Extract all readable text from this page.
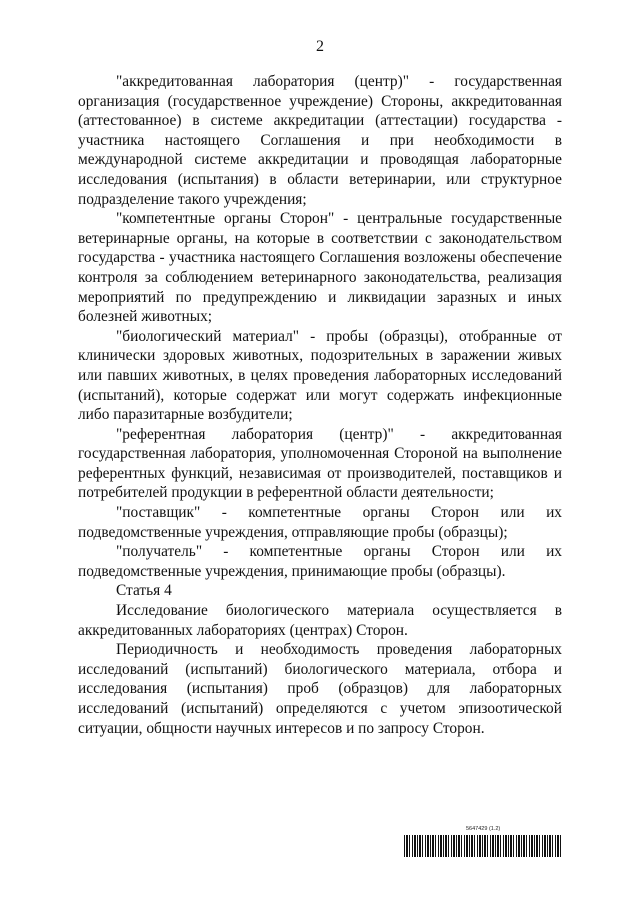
2

"аккредитованная лаборатория (центр)" - государственная организация (государственное учреждение) Стороны, аккредитованная (аттестованное) в системе аккредитации (аттестации) государства - участника настоящего Соглашения и при необходимости в международной системе аккредитации и проводящая лабораторные исследования (испытания) в области ветеринарии, или структурное подразделение такого учреждения;

"компетентные органы Сторон" - центральные государственные ветеринарные органы, на которые в соответствии с законодательством государства - участника настоящего Соглашения возложены обеспечение контроля за соблюдением ветеринарного законодательства, реализация мероприятий по предупреждению и ликвидации заразных и иных болезней животных;

"биологический материал" - пробы (образцы), отобранные от клинически здоровых животных, подозрительных в заражении живых или павших животных, в целях проведения лабораторных исследований (испытаний), которые содержат или могут содержать инфекционные либо паразитарные возбудители;

"референтная лаборатория (центр)" - аккредитованная государственная лаборатория, уполномоченная Стороной на выполнение референтных функций, независимая от производителей, поставщиков и потребителей продукции в референтной области деятельности;

"поставщик" - компетентные органы Сторон или их подведомственные учреждения, отправляющие пробы (образцы);

"получатель" - компетентные органы Сторон или их подведомственные учреждения, принимающие пробы (образцы).

Статья 4

Исследование биологического материала осуществляется в аккредитованных лабораториях (центрах) Сторон.

Периодичность и необходимость проведения лабораторных исследований (испытаний) биологического материала, отбора и исследования (испытания) проб (образцов) для лабораторных исследований (испытаний) определяются с учетом эпизоотической ситуации, общности научных интересов и по запросу Сторон.

5647429 (1.2)
